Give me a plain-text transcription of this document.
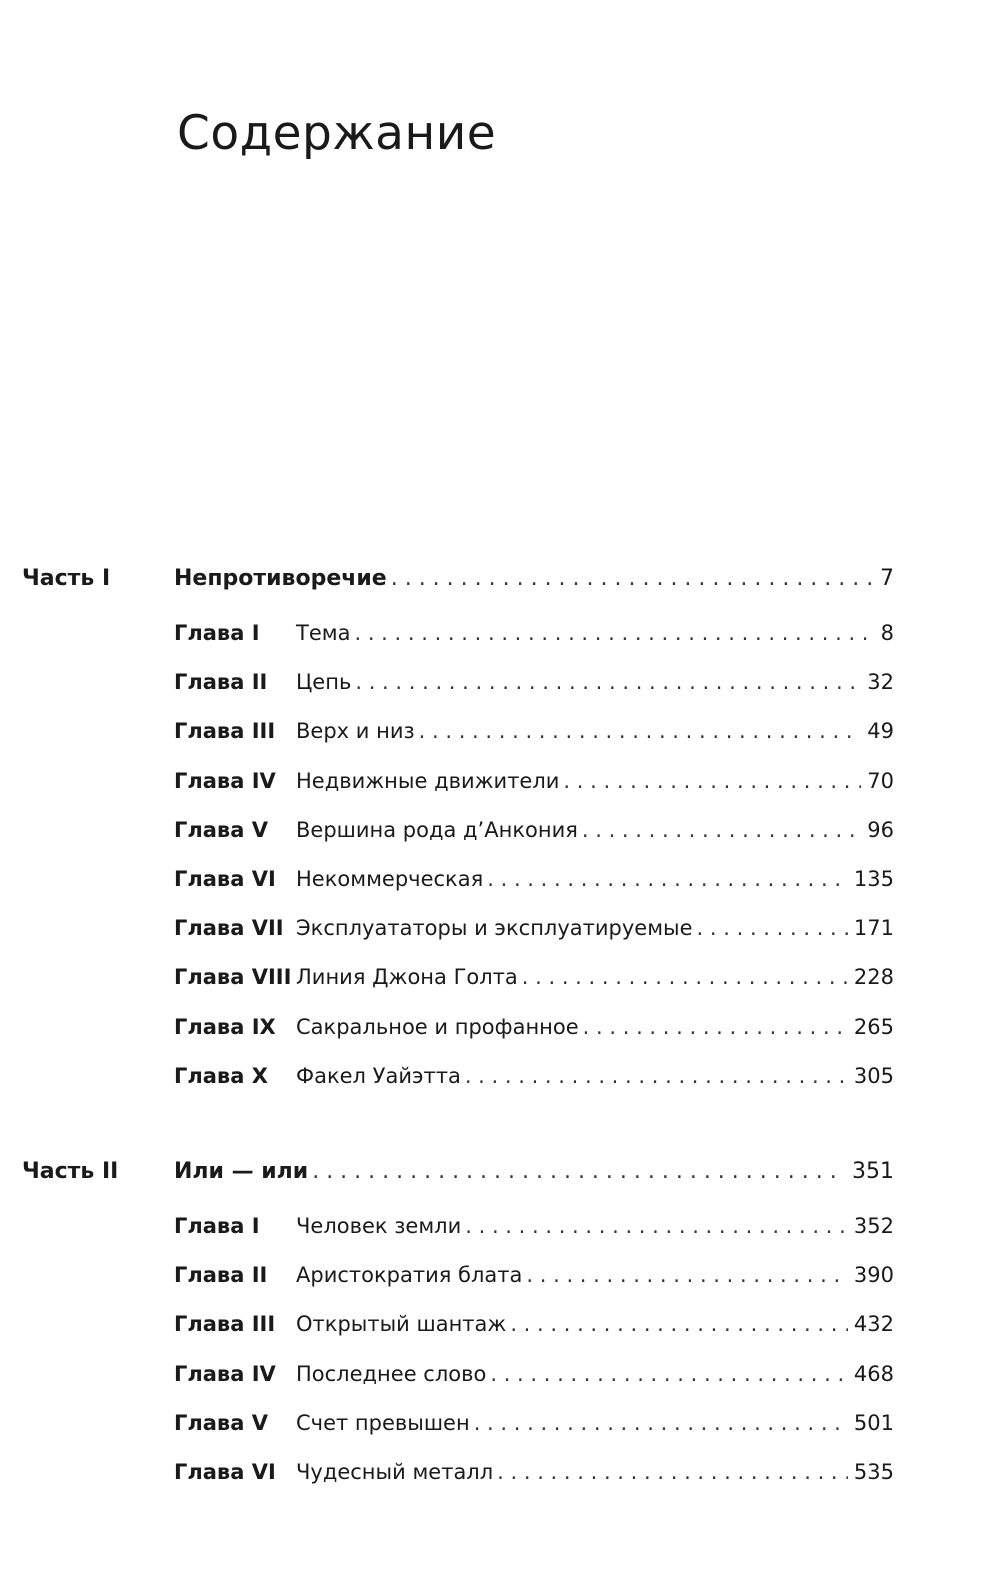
Содержание
Часть I	Непротиворечие . . .	7
Глава I Тема . . .	8
Глава II Цепь . . .	32
Глава III Верх и низ . . .	49
Глава IV Недвижные движители . . .	70
Глава V Вершина рода д’Анкония . . .	96
Глава VI Некоммерческая . . .	135
Глава VII Эксплуататоры и эксплуатируемые . . .	171
Глава VIII Линия Джона Голта . . .	228
Глава IX Сакральное и профанное . . .	265
Глава X Факел Уайэтта . . .	305
Часть II	Или — или . . .	351
Глава I Человек земли . . .	352
Глава II Аристократия блата . . .	390
Глава III Открытый шантаж . . .	432
Глава IV Последнее слово . . .	468
Глава V Счет превышен . . .	501
Глава VI Чудесный металл . . .	535
